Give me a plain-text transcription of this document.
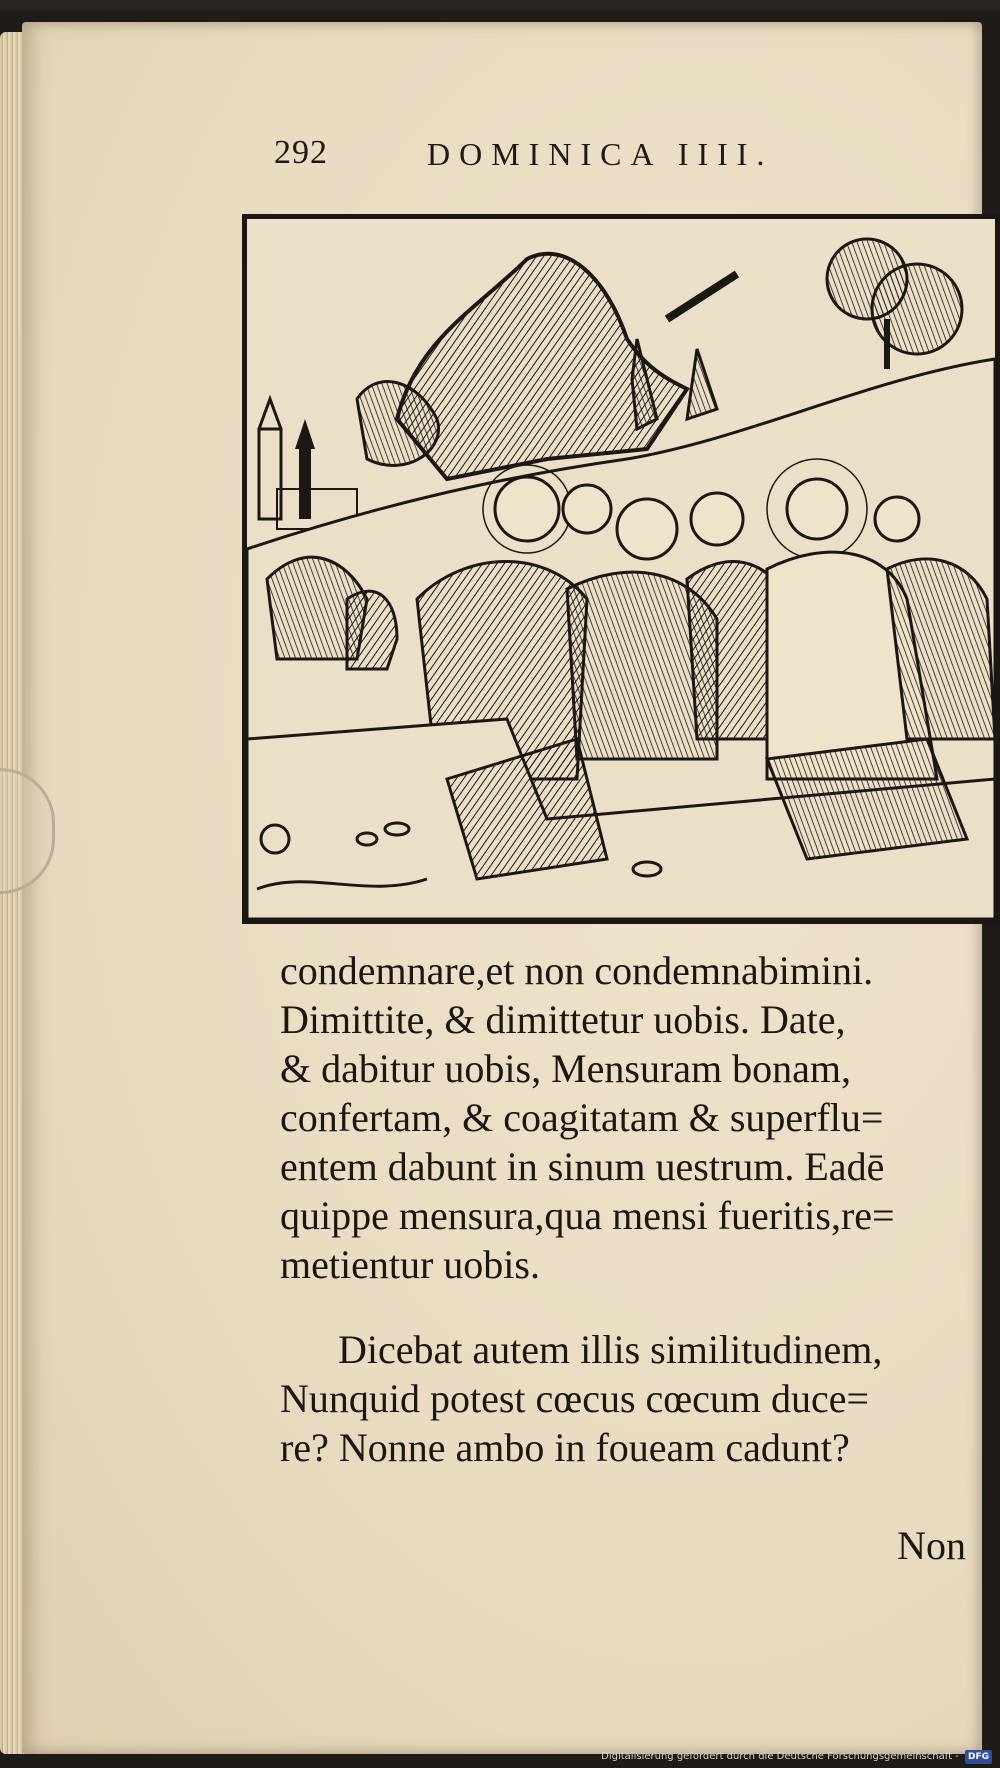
292	DOMINICA IIII.
condemnare,et non condemnabimini.
Dimittite, & dimittetur uobis. Date,
& dabitur uobis, Mensuram bonam,
confertam, & coagitatam & superflu=
entem dabunt in sinum uestrum. Eadē
quippe mensura,qua mensi fueritis,re=
metientur uobis.
Dicebat autem illis similitudinem,
Nunquid potest cœcus cœcum duce=
re? Nonne ambo in foueam cadunt?
Non
Digitalisierung gefördert durch die Deutsche Forschungsgemeinschaft - DFG
